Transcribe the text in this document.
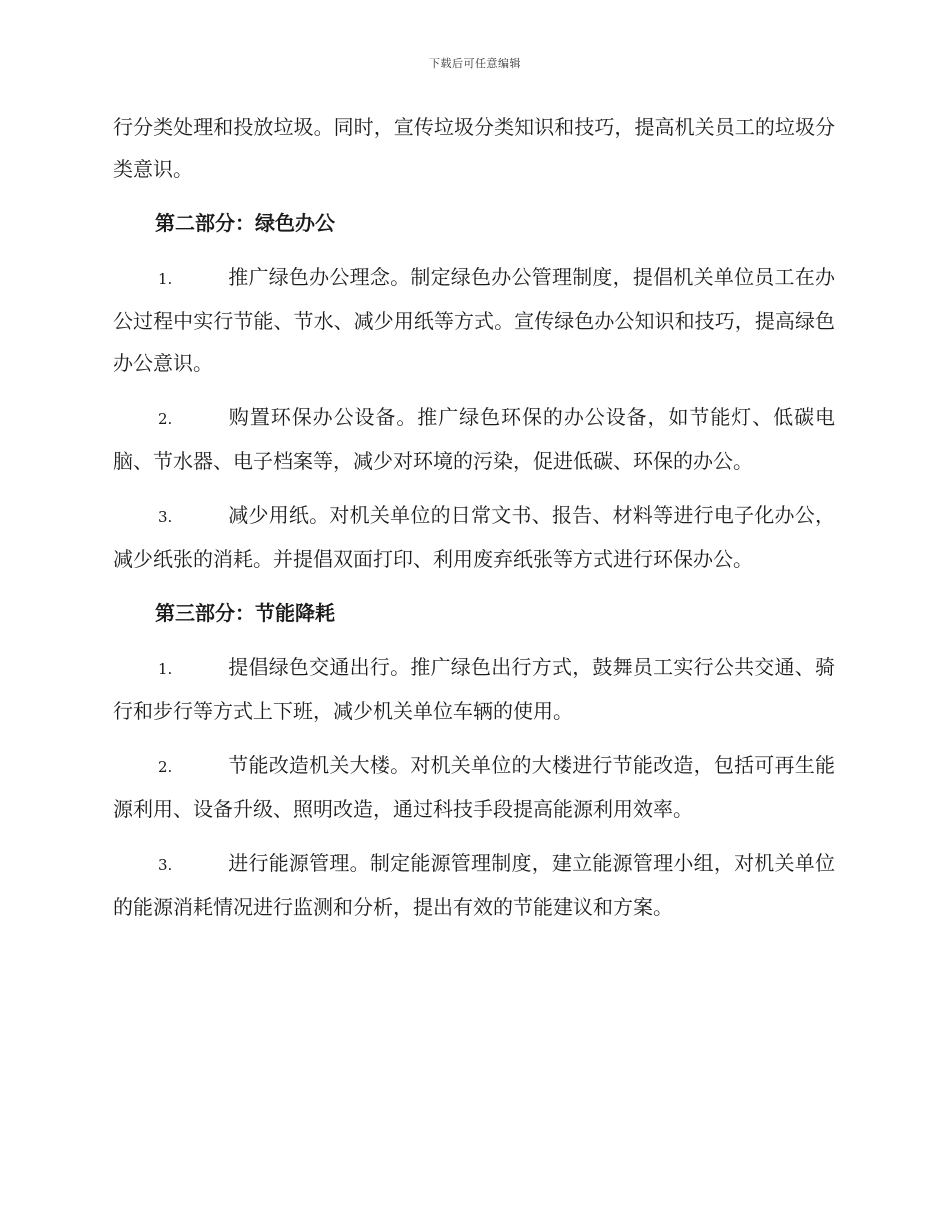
下载后可任意编辑

行分类处理和投放垃圾。同时，宣传垃圾分类知识和技巧，提高机关员工的垃圾分类意识。

第二部分：绿色办公

1.	推广绿色办公理念。制定绿色办公管理制度，提倡机关单位员工在办公过程中实行节能、节水、减少用纸等方式。宣传绿色办公知识和技巧，提高绿色办公意识。

2.	购置环保办公设备。推广绿色环保的办公设备，如节能灯、低碳电脑、节水器、电子档案等，减少对环境的污染，促进低碳、环保的办公。

3.	减少用纸。对机关单位的日常文书、报告、材料等进行电子化办公，减少纸张的消耗。并提倡双面打印、利用废弃纸张等方式进行环保办公。

第三部分：节能降耗

1.	提倡绿色交通出行。推广绿色出行方式，鼓舞员工实行公共交通、骑行和步行等方式上下班，减少机关单位车辆的使用。

2.	节能改造机关大楼。对机关单位的大楼进行节能改造，包括可再生能源利用、设备升级、照明改造，通过科技手段提高能源利用效率。

3.	进行能源管理。制定能源管理制度，建立能源管理小组，对机关单位的能源消耗情况进行监测和分析，提出有效的节能建议和方案。
